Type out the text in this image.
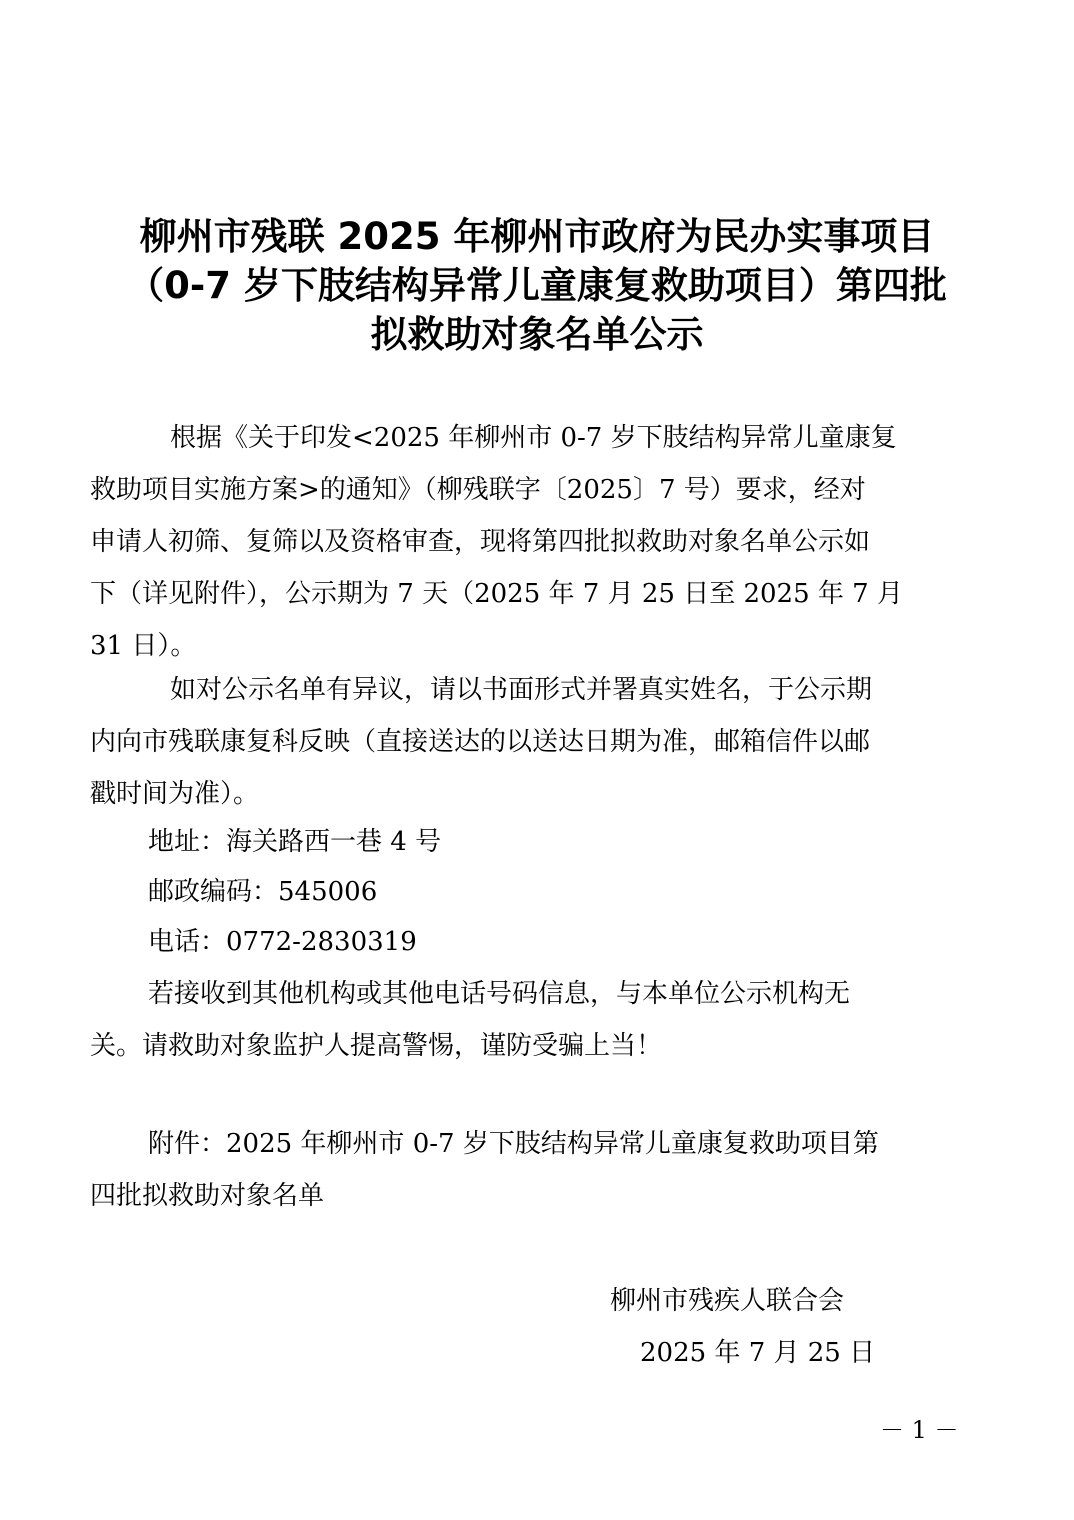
柳州市残联 2025 年柳州市政府为民办实事项目
（0-7 岁下肢结构异常儿童康复救助项目）第四批
拟救助对象名单公示
根据《关于印发<2025 年柳州市 0-7 岁下肢结构异常儿童康复
救助项目实施方案>的通知》（柳残联字〔2025〕7 号）要求，经对
申请人初筛、复筛以及资格审查，现将第四批拟救助对象名单公示如
下（详见附件），公示期为 7 天（2025 年 7 月 25 日至 2025 年 7 月
31 日）。
如对公示名单有异议，请以书面形式并署真实姓名，于公示期
内向市残联康复科反映（直接送达的以送达日期为准，邮箱信件以邮
戳时间为准）。
地址：海关路西一巷 4 号
邮政编码：545006
电话：0772-2830319
若接收到其他机构或其他电话号码信息，与本单位公示机构无
关。请救助对象监护人提高警惕，谨防受骗上当！
附件：2025 年柳州市 0-7 岁下肢结构异常儿童康复救助项目第
四批拟救助对象名单
柳州市残疾人联合会
2025 年 7 月 25 日
－ 1 －
